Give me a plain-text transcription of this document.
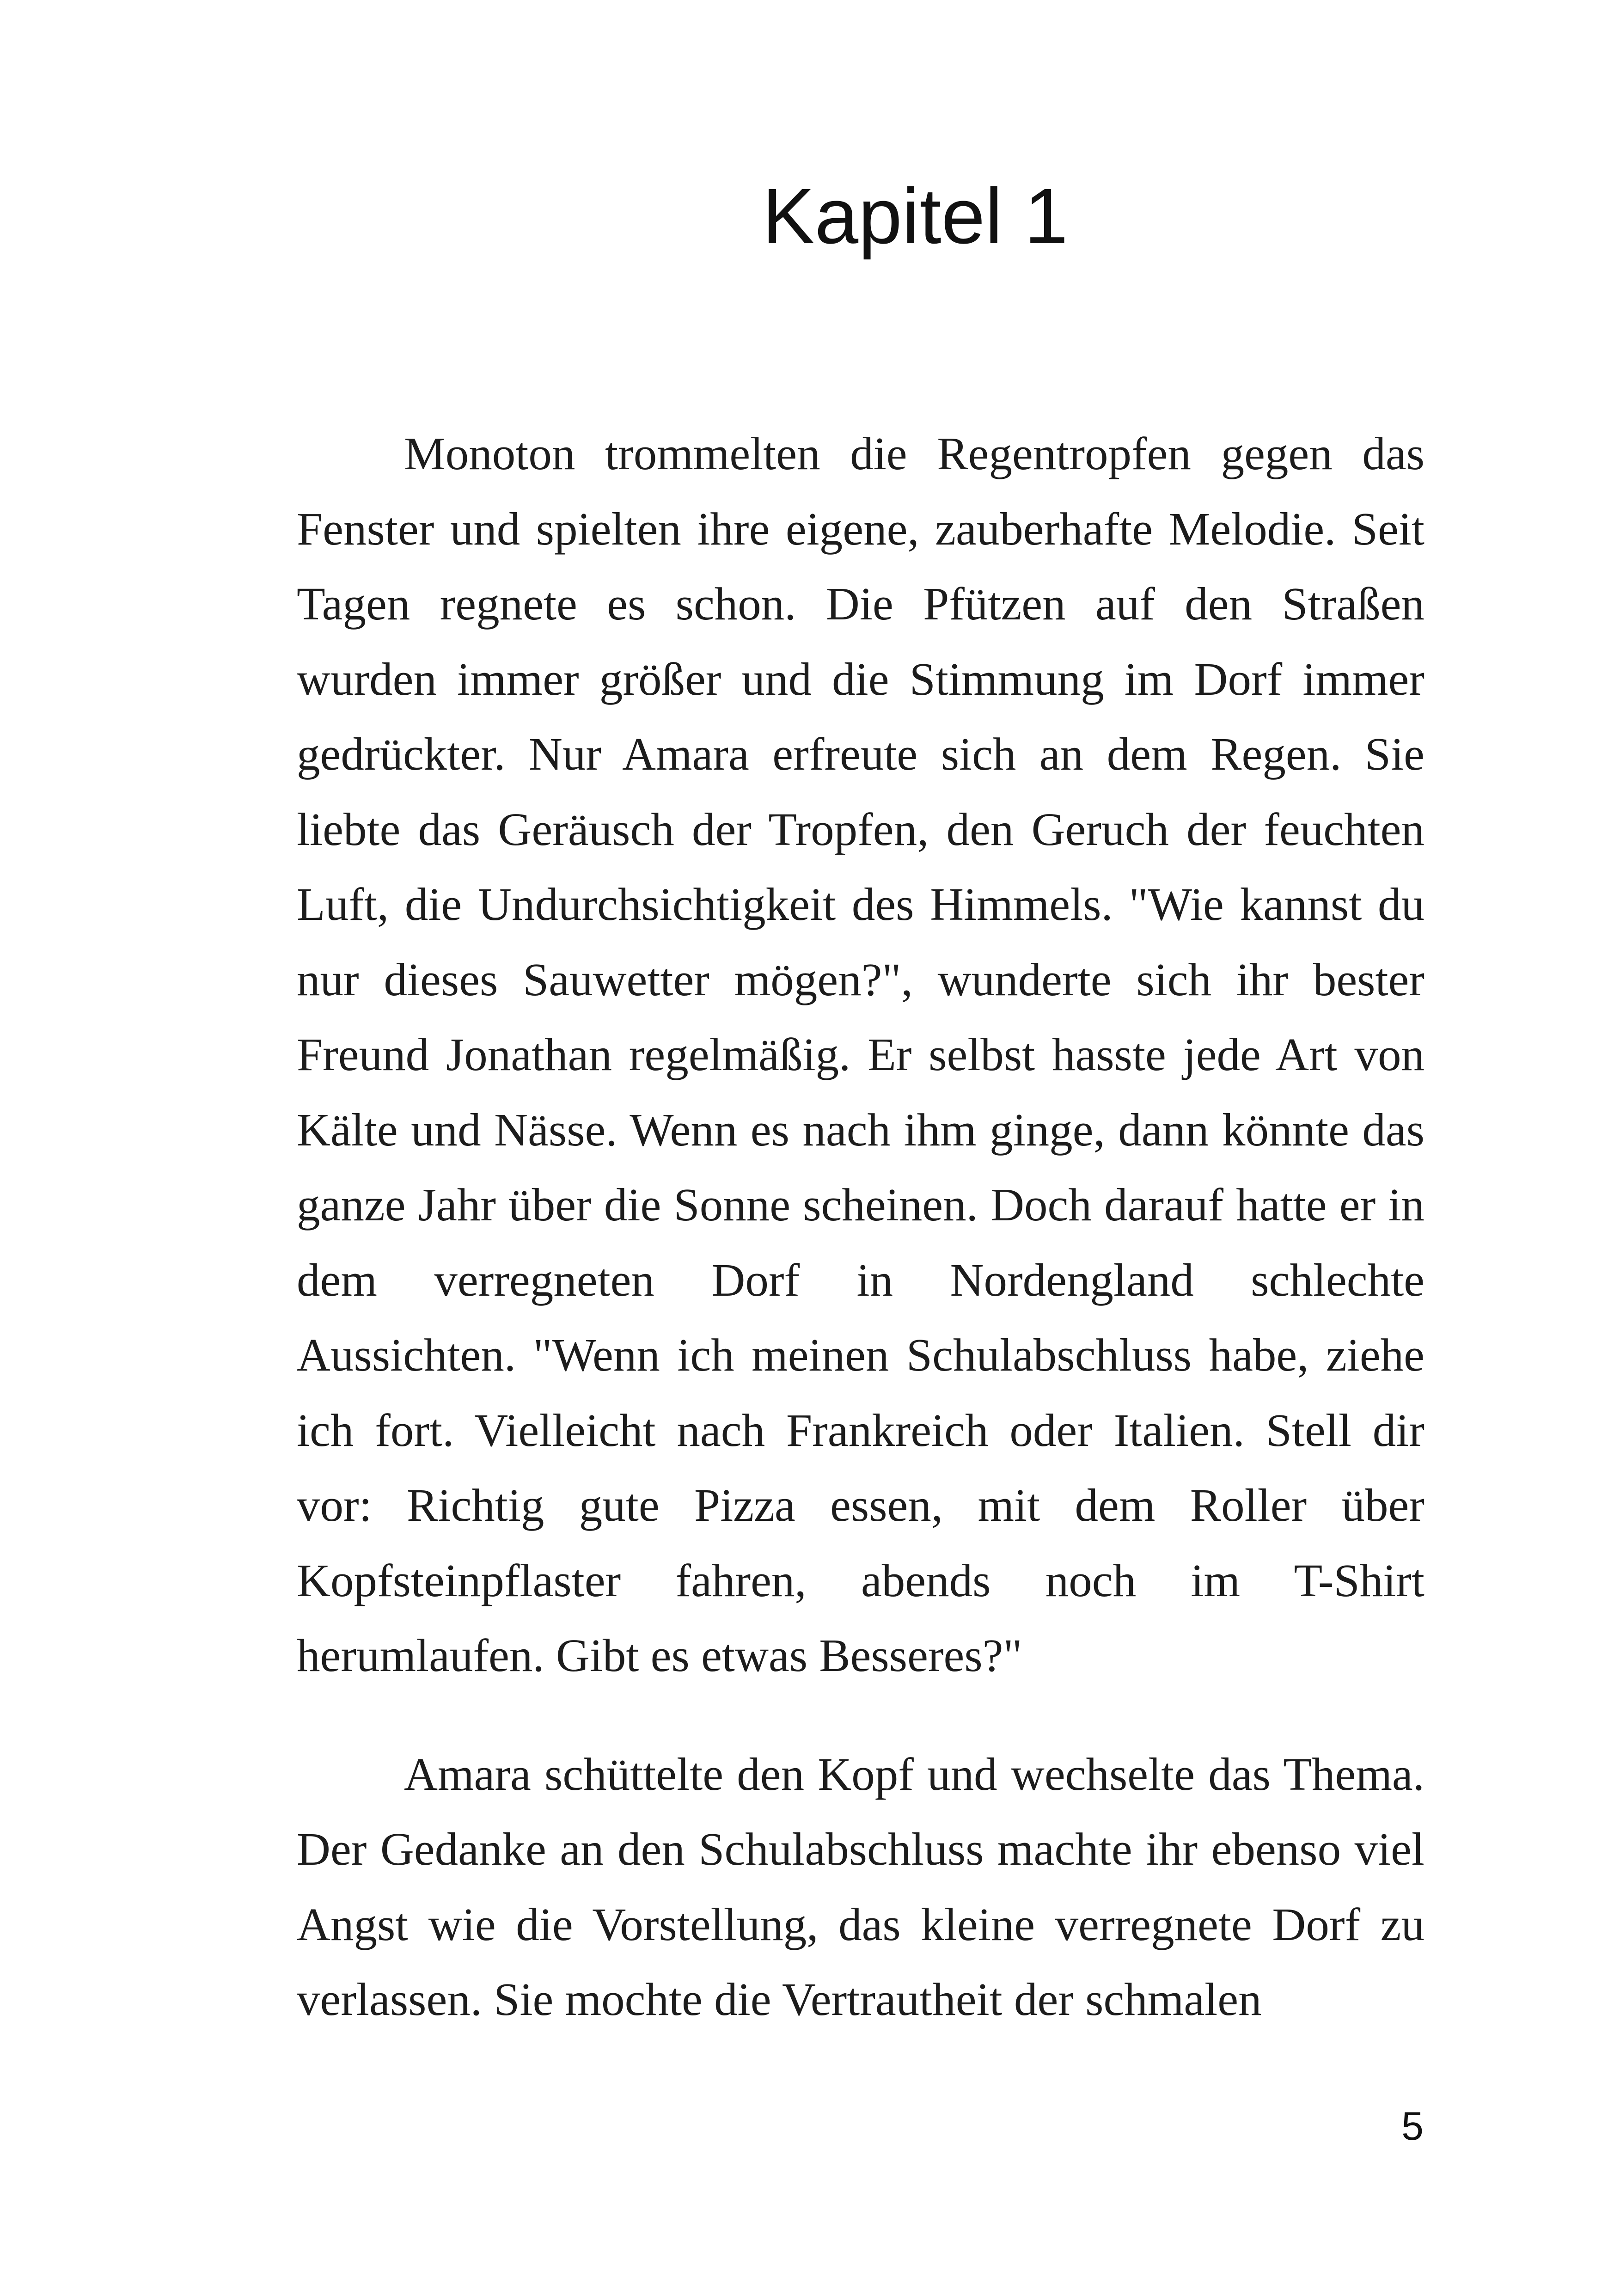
Kapitel 1

Monoton trommelten die Regentropfen gegen das Fenster und spielten ihre eigene, zauberhafte Melodie. Seit Tagen regnete es schon. Die Pfützen auf den Straßen wurden immer größer und die Stimmung im Dorf immer gedrückter. Nur Amara erfreute sich an dem Regen. Sie liebte das Geräusch der Tropfen, den Geruch der feuchten Luft, die Undurchsichtigkeit des Himmels. "Wie kannst du nur dieses Sauwetter mögen?", wunderte sich ihr bester Freund Jonathan regelmäßig. Er selbst hasste jede Art von Kälte und Nässe. Wenn es nach ihm ginge, dann könnte das ganze Jahr über die Sonne scheinen. Doch darauf hatte er in dem verregneten Dorf in Nordengland schlechte Aussichten. "Wenn ich meinen Schulabschluss habe, ziehe ich fort. Vielleicht nach Frankreich oder Italien. Stell dir vor: Richtig gute Pizza essen, mit dem Roller über Kopfsteinpflaster fahren, abends noch im T-Shirt herumlaufen. Gibt es etwas Besseres?"

Amara schüttelte den Kopf und wechselte das Thema. Der Gedanke an den Schulabschluss machte ihr ebenso viel Angst wie die Vorstellung, das kleine verregnete Dorf zu verlassen. Sie mochte die Vertrautheit der schmalen

5
